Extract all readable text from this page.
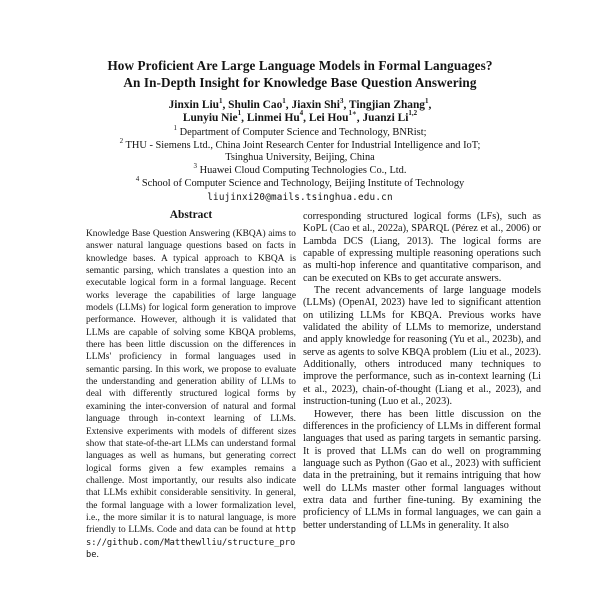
How Proficient Are Large Language Models in Formal Languages?
An In-Depth Insight for Knowledge Base Question Answering
Jinxin Liu$^1$, Shulin Cao$^1$, Jiaxin Shi$^3$, Tingjian Zhang$^1$,
Lunyiu Nie$^1$, Linmei Hu$^4$, Lei Hou$^{1∗}$, Juanzi Li$^{1,2}$
$^1$ Department of Computer Science and Technology, BNRist;
$^2$ THU - Siemens Ltd., China Joint Research Center for Industrial Intelligence and IoT;
Tsinghua University, Beijing, China
$^3$ Huawei Cloud Computing Technologies Co., Ltd.
$^4$ School of Computer Science and Technology, Beijing Institute of Technology
liujinxi20@mails.tsinghua.edu.cn
Abstract

Knowledge Base Question Answering (KBQA) aims to answer natural language questions based on facts in knowledge bases. A typical approach to KBQA is semantic parsing, which translates a question into an executable logical form in a formal language. Recent works leverage the capabilities of large language models (LLMs) for logical form generation to improve performance. However, although it is validated that LLMs are capable of solving some KBQA problems, there has been little discussion on the differences in LLMs' proficiency in formal languages used in semantic parsing. In this work, we propose to evaluate the understanding and generation ability of LLMs to deal with differently structured logical forms by examining the inter-conversion of natural and formal language through in-context learning of LLMs. Extensive experiments with models of different sizes show that state-of-the-art LLMs can understand formal languages as well as humans, but generating correct logical forms given a few examples remains a challenge. Most importantly, our results also indicate that LLMs exhibit considerable sensitivity. In general, the formal language with a lower formalization level, i.e., the more similar it is to natural language, is more friendly to LLMs. Code and data can be found at https://github.com/Matthewlliu/structure_probe.

corresponding structured logical forms (LFs), such as KoPL (Cao et al., 2022a), SPARQL (Pérez et al., 2006) or Lambda DCS (Liang, 2013). The logical forms are capable of expressing multiple reasoning operations such as multi-hop inference and quantitative comparison, and can be executed on KBs to get accurate answers.

The recent advancements of large language models (LLMs) (OpenAI, 2023) have led to significant attention on utilizing LLMs for KBQA. Previous works have validated the ability of LLMs to memorize, understand and apply knowledge for reasoning (Yu et al., 2023b), and serve as agents to solve KBQA problem (Liu et al., 2023). Additionally, others introduced many techniques to improve the performance, such as in-context learning (Li et al., 2023), chain-of-thought (Liang et al., 2023), and instruction-tuning (Luo et al., 2023).

However, there has been little discussion on the differences in the proficiency of LLMs in different formal languages that used as paring targets in semantic parsing. It is proved that LLMs can do well on programming language such as Python (Gao et al., 2023) with sufficient data in the pretraining, but it remains intriguing that how well do LLMs master other formal languages without extra data and further fine-tuning. By examining the proficiency of LLMs in formal languages, we can gain a better understanding of LLMs in generality. It also
